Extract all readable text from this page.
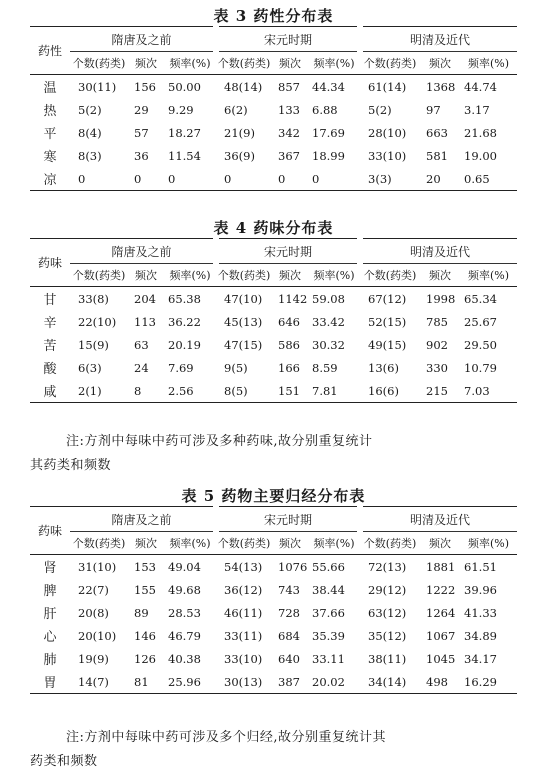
表 3 药性分布表
药性	隋唐及之前			宋元时期			明清及近代		
	个数(药类)	频次	频率(%)	个数(药类)	频次	频率(%)	个数(药类)	频次	频率(%)
温	30(11)	156	50.00	48(14)	857	44.34	61(14)	1368	44.74
热	5(2)	29	9.29	6(2)	133	6.88	5(2)	97	3.17
平	8(4)	57	18.27	21(9)	342	17.69	28(10)	663	21.68
寒	8(3)	36	11.54	36(9)	367	18.99	33(10)	581	19.00
凉	0	0	0	0	0	0	3(3)	20	0.65
表 4 药味分布表
药味	隋唐及之前			宋元时期			明清及近代		
	个数(药类)	频次	频率(%)	个数(药类)	频次	频率(%)	个数(药类)	频次	频率(%)
甘	33(8)	204	65.38	47(10)	1142	59.08	67(12)	1998	65.34
辛	22(10)	113	36.22	45(13)	646	33.42	52(15)	785	25.67
苦	15(9)	63	20.19	47(15)	586	30.32	49(15)	902	29.50
酸	6(3)	24	7.69	9(5)	166	8.59	13(6)	330	10.79
咸	2(1)	8	2.56	8(5)	151	7.81	16(6)	215	7.03
注:方剂中每味中药可涉及多种药味,故分别重复统计
其药类和频数
表 5 药物主要归经分布表
药味	隋唐及之前			宋元时期			明清及近代		
	个数(药类)	频次	频率(%)	个数(药类)	频次	频率(%)	个数(药类)	频次	频率(%)
肾	31(10)	153	49.04	54(13)	1076	55.66	72(13)	1881	61.51
脾	22(7)	155	49.68	36(12)	743	38.44	29(12)	1222	39.96
肝	20(8)	89	28.53	46(11)	728	37.66	63(12)	1264	41.33
心	20(10)	146	46.79	33(11)	684	35.39	35(12)	1067	34.89
肺	19(9)	126	40.38	33(10)	640	33.11	38(11)	1045	34.17
胃	14(7)	81	25.96	30(13)	387	20.02	34(14)	498	16.29
注:方剂中每味中药可涉及多个归经,故分别重复统计其
药类和频数
